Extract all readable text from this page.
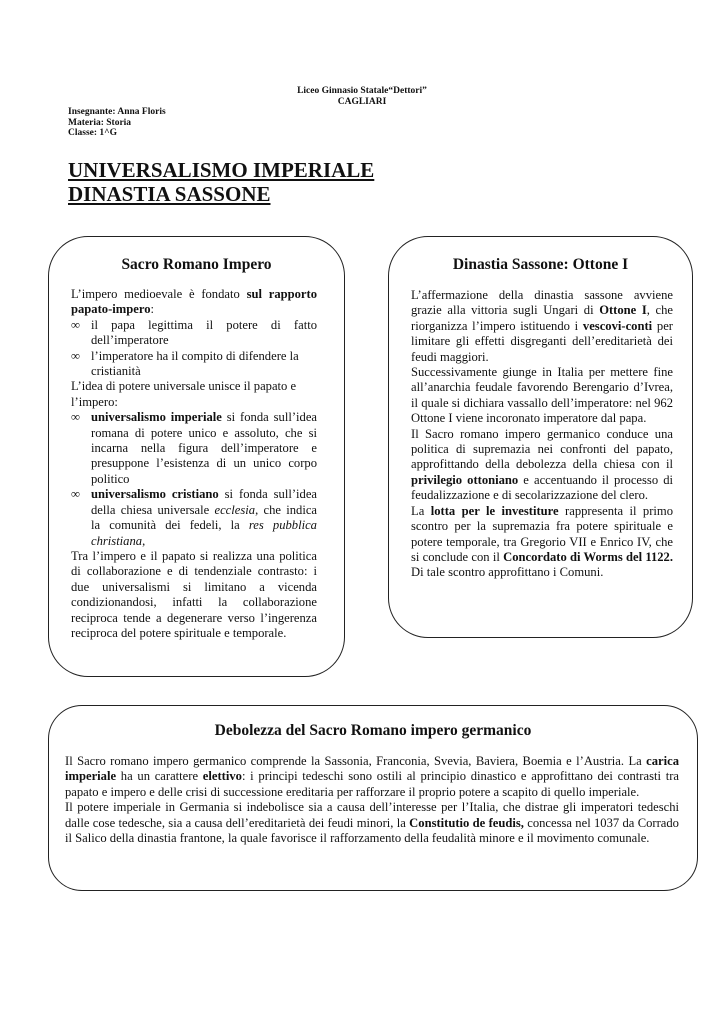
Liceo Ginnasio Statale“Dettori”
CAGLIARI
Insegnante: Anna Floris
Materia: Storia
Classe: 1^G
UNIVERSALISMO IMPERIALE
DINASTIA SASSONE
Sacro Romano Impero
L’impero medioevale è fondato sul rapporto papato-impero:
∞ il papa legittima il potere di fatto dell’imperatore
∞ l’imperatore ha il compito di difendere la cristianità
L’idea di potere universale unisce il papato e l’impero:
∞ universalismo imperiale si fonda sull’idea romana di potere unico e assoluto, che si incarna nella figura dell’imperatore e presuppone l’esistenza di un unico corpo politico
∞ universalismo cristiano si fonda sull’idea della chiesa universale ecclesia, che indica la comunità dei fedeli, la res pubblica christiana,
Tra l’impero e il papato si realizza una politica di collaborazione e di tendenziale contrasto: i due universalismi si limitano a vicenda condizionandosi, infatti la collaborazione reciproca tende a degenerare verso l’ingerenza reciproca del potere spirituale e temporale.
Dinastia Sassone: Ottone I
L’affermazione della dinastia sassone avviene grazie alla vittoria sugli Ungari di Ottone I, che riorganizza l’impero istituendo i vescovi-conti per limitare gli effetti disgreganti dell’ereditarietà dei feudi maggiori.
Successivamente giunge in Italia per mettere fine all’anarchia feudale favorendo Berengario d’Ivrea, il quale si dichiara vassallo dell’imperatore: nel 962 Ottone I viene incoronato imperatore dal papa.
Il Sacro romano impero germanico conduce una politica di supremazia nei confronti del papato, approfittando della debolezza della chiesa con il privilegio ottoniano e accentuando il processo di feudalizzazione e di secolarizzazione del clero.
La lotta per le investiture rappresenta il primo scontro per la supremazia fra potere spirituale e potere temporale, tra Gregorio VII e Enrico IV, che si conclude con il Concordato di Worms del 1122. Di tale scontro approfittano i Comuni.
Debolezza del Sacro Romano impero germanico
Il Sacro romano impero germanico comprende la Sassonia, Franconia, Svevia, Baviera, Boemia e l’Austria. La carica imperiale ha un carattere elettivo: i principi tedeschi sono ostili al principio dinastico e approfittano dei contrasti tra papato e impero e delle crisi di successione ereditaria per rafforzare il proprio potere a scapito di quello imperiale.
Il potere imperiale in Germania si indebolisce sia a causa dell’interesse per l’Italia, che distrae gli imperatori tedeschi dalle cose tedesche, sia a causa dell’ereditarietà dei feudi minori, la Constitutio de feudis, concessa nel 1037 da Corrado il Salico della dinastia frantone, la quale favorisce il rafforzamento della feudalità minore e il movimento comunale.
